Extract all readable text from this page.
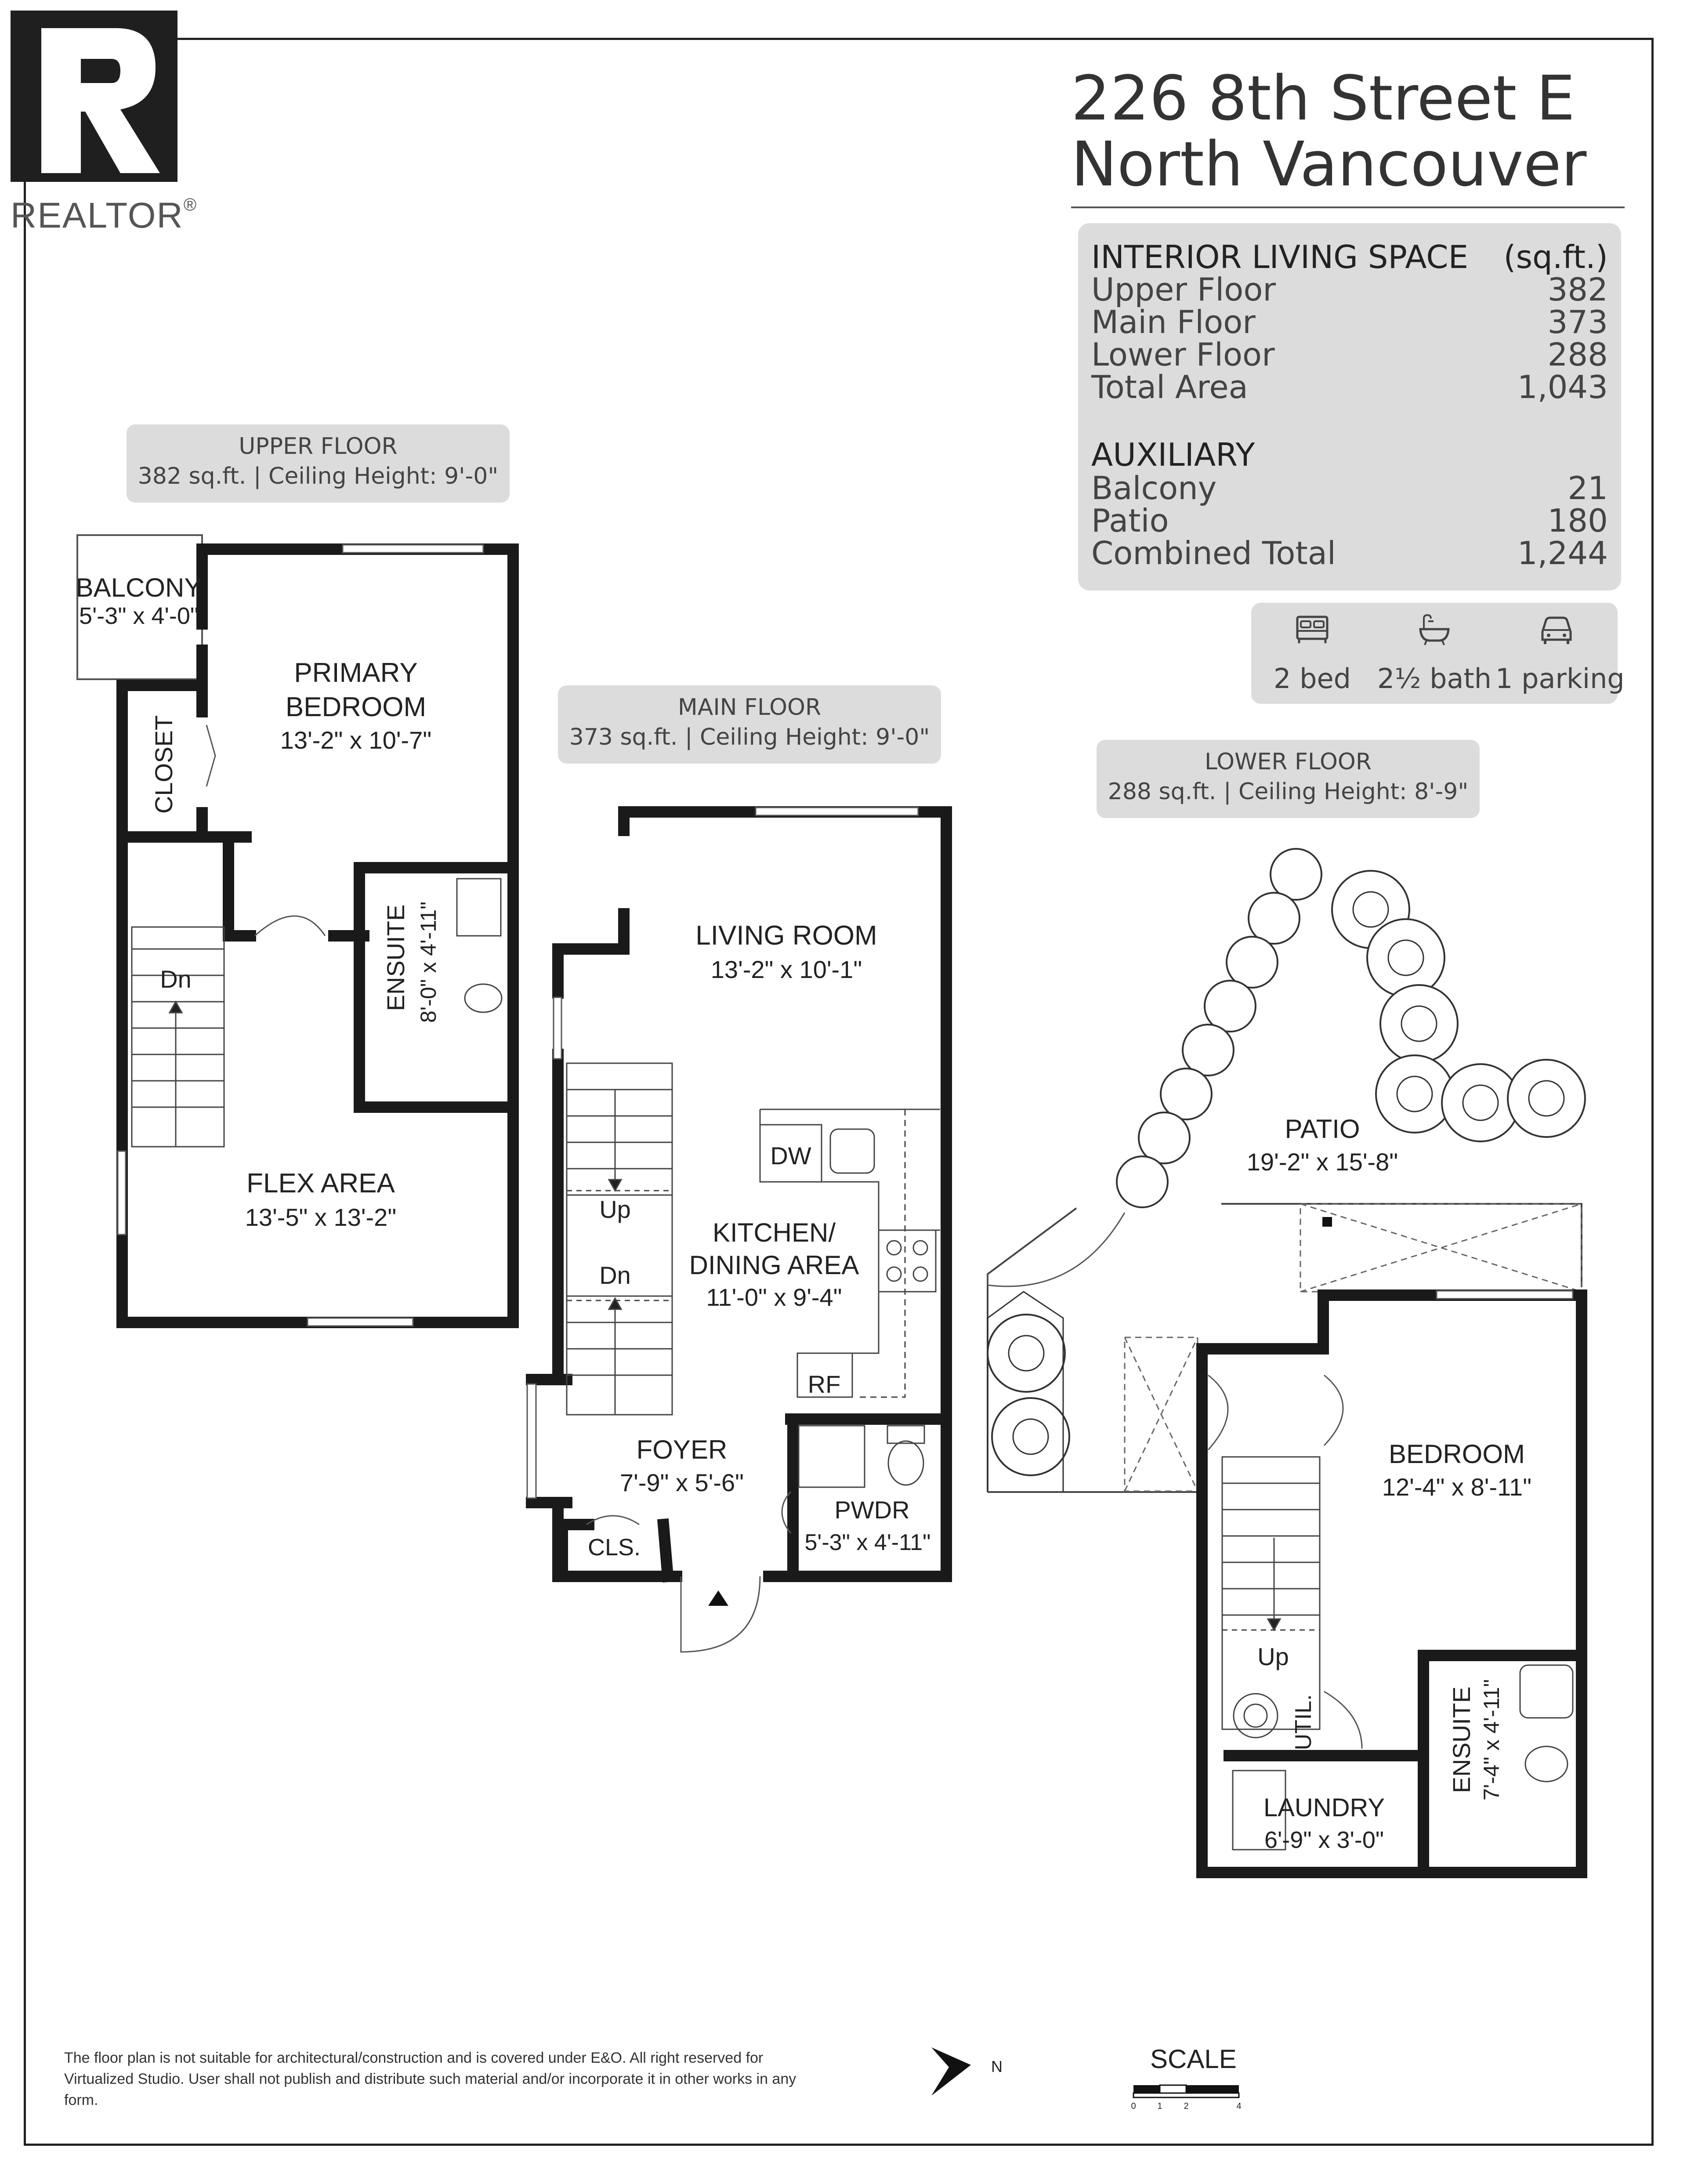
REALTOR®
226 8th Street E
North Vancouver
INTERIOR LIVING SPACE (sq.ft.)
Upper Floor	382
Main Floor	373
Lower Floor	288
Total Area	1,043
AUXILIARY
Balcony	21
Patio	180
Combined Total	1,244
2 bed 2½ bath 1 parking
UPPER FLOOR
382 sq.ft. | Ceiling Height: 9'-0"
MAIN FLOOR
373 sq.ft. | Ceiling Height: 9'-0"
LOWER FLOOR
288 sq.ft. | Ceiling Height: 8'-9"
BALCONY
5'-3" x 4'-0"
PRIMARY
BEDROOM
13'-2" x 10'-7"
CLOSET
ENSUITE 8'-0" x 4'-11"
Dn
FLEX AREA
13'-5" x 13'-2"
LIVING ROOM
13'-2" x 10'-1"
DW
Up
KITCHEN/
DINING AREA
11'-0" x 9'-4"
Dn
RF
FOYER
7'-9" x 5'-6"
CLS.
PWDR
5'-3" x 4'-11"
PATIO
19'-2" x 15'-8"
BEDROOM
12'-4" x 8'-11"
Up
UTIL.
LAUNDRY
6'-9" x 3'-0"
ENSUITE 7'-4" x 4'-11"
N
0 1 2	4
SCALE
The floor plan is not suitable for architectural/construction and is covered under E&O. All right reserved for Virtualized Studio. User shall not publish and distribute such material and/or incorporate it in other works in any form.
